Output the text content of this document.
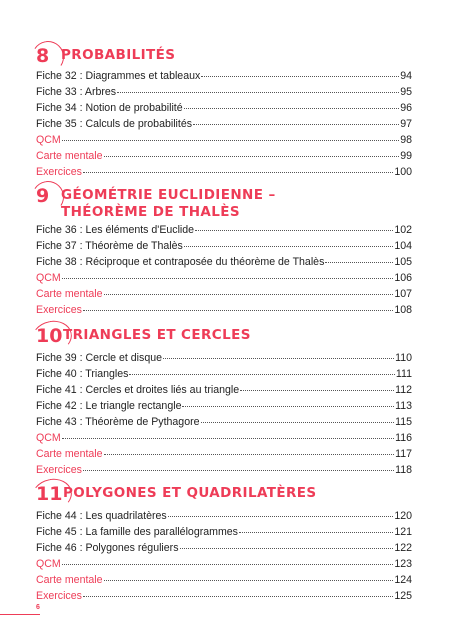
8 PROBABILITÉS
Fiche 32 : Diagrammes et tableaux	94
Fiche 33 : Arbres	95
Fiche 34 : Notion de probabilité	96
Fiche 35 : Calculs de probabilités	97
QCM	98
Carte mentale	99
Exercices	100
9 GÉOMÉTRIE EUCLIDIENNE –
THÉORÈME DE THALÈS
Fiche 36 : Les éléments d'Euclide	102
Fiche 37 : Théorème de Thalès	104
Fiche 38 : Réciproque et contraposée du théorème de Thalès	105
QCM	106
Carte mentale	107
Exercices	108
10 TRIANGLES ET CERCLES
Fiche 39 : Cercle et disque	110
Fiche 40 : Triangles	111
Fiche 41 : Cercles et droites liés au triangle	112
Fiche 42 : Le triangle rectangle	113
Fiche 43 : Théorème de Pythagore	115
QCM	116
Carte mentale	117
Exercices	118
11 POLYGONES ET QUADRILATÈRES
Fiche 44 : Les quadrilatères	120
Fiche 45 : La famille des parallélogrammes	121
Fiche 46 : Polygones réguliers	122
QCM	123
Carte mentale	124
Exercices	125
6
